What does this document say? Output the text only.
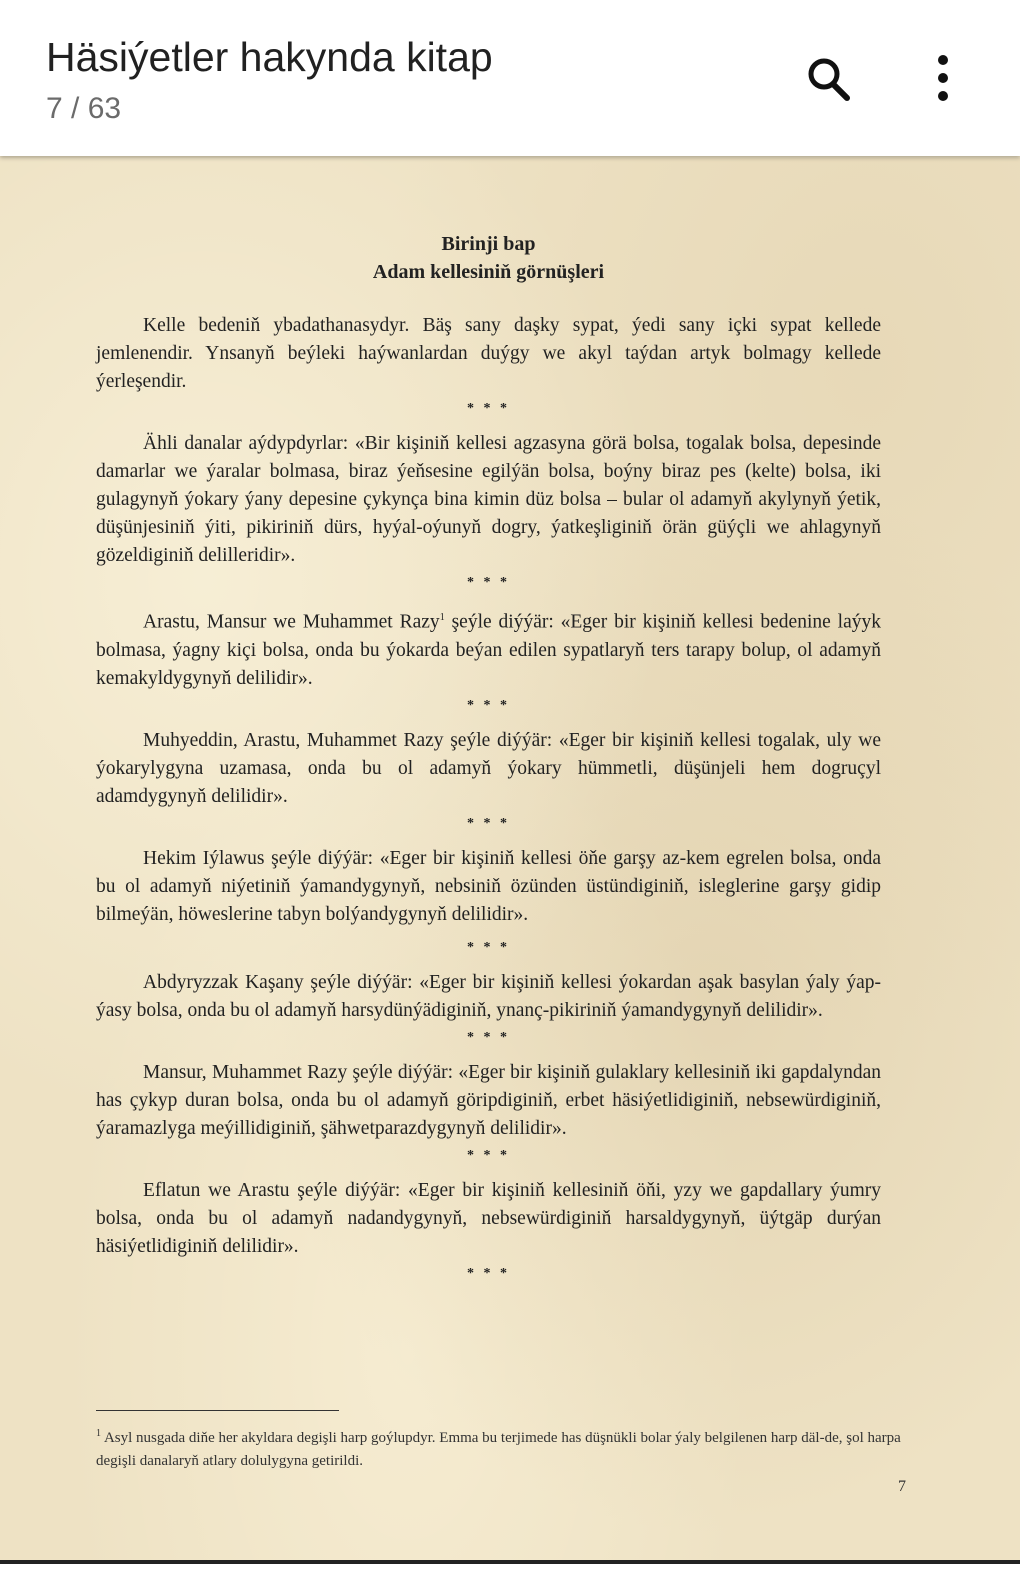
Häsiýetler hakynda kitap
7 / 63
Birinji bap
Adam kellesiniň görnüşleri

Kelle bedeniň ybadathanasydyr. Bäş sany daşky sypat, ýedi sany içki sypat kellede jemlenendir. Ynsanyň beýleki haýwanlardan duýgy we akyl taýdan artyk bolmagy kellede ýerleşendir.

* * *

Ähli danalar aýdypdyrlar: «Bir kişiniň kellesi agzasyna görä bolsa, togalak bolsa, depesinde damarlar we ýaralar bolmasa, biraz ýeňsesine egilýän bolsa, boýny biraz pes (kelte) bolsa, iki gulagynyň ýokary ýany depesine çykynça bina kimin düz bolsa – bular ol adamyň akylynyň ýetik, düşünjesiniň ýiti, pikiriniň dürs, hyýal-oýunyň dogry, ýatkeşliginiň örän güýçli we ahlagynyň gözeldiginiň delilleridir».

* * *

Arastu, Mansur we Muhammet Razy$^1$ şeýle diýýär: «Eger bir kişiniň kellesi bedenine laýyk bolmasa, ýagny kiçi bolsa, onda bu ýokarda beýan edilen sypatlaryň ters tarapy bolup, ol adamyň kemakyldygynyň delilidir».

* * *

Muhyeddin, Arastu, Muhammet Razy şeýle diýýär: «Eger bir kişiniň kellesi togalak, uly we ýokarylygyna uzamasa, onda bu ol adamyň ýokary hümmetli, düşünjeli hem dogruçyl adamdygynyň delilidir».

* * *

Hekim Iýlawus şeýle diýýär: «Eger bir kişiniň kellesi öňe garşy az-kem egrelen bolsa, onda bu ol adamyň niýetiniň ýamandygynyň, nebsiniň özünden üstündiginiň, isleglerine garşy gidip bilmeýän, höweslerine tabyn bolýandygynyň delilidir».

* * *

Abdyryzzak Kaşany şeýle diýýär: «Eger bir kişiniň kellesi ýokardan aşak basylan ýaly ýap-ýasy bolsa, onda bu ol adamyň harsydünýädiginiň, ynanç-pikiriniň ýamandygynyň delilidir».

* * *

Mansur, Muhammet Razy şeýle diýýär: «Eger bir kişiniň gulaklary kellesiniň iki gapdalyndan has çykyp duran bolsa, onda bu ol adamyň göripdiginiň, erbet häsiýetlidiginiň, nebsewürdiginiň, ýaramazlyga meýillidiginiň, şähwetparazdygynyň delilidir».

* * *

Eflatun we Arastu şeýle diýýär: «Eger bir kişiniň kellesiniň öňi, yzy we gapdallary ýumry bolsa, onda bu ol adamyň nadandygynyň, nebsewürdiginiň harsaldygynyň, üýtgäp durýan häsiýetlidiginiň delilidir».

* * *
$^1$ Asyl nusgada diňe her akyldara degişli harp goýlupdyr. Emma bu terjimede has düşnükli bolar ýaly belgilenen harp däl-de, şol harpa degişli danalaryň atlary dolulygyna getirildi.
7
